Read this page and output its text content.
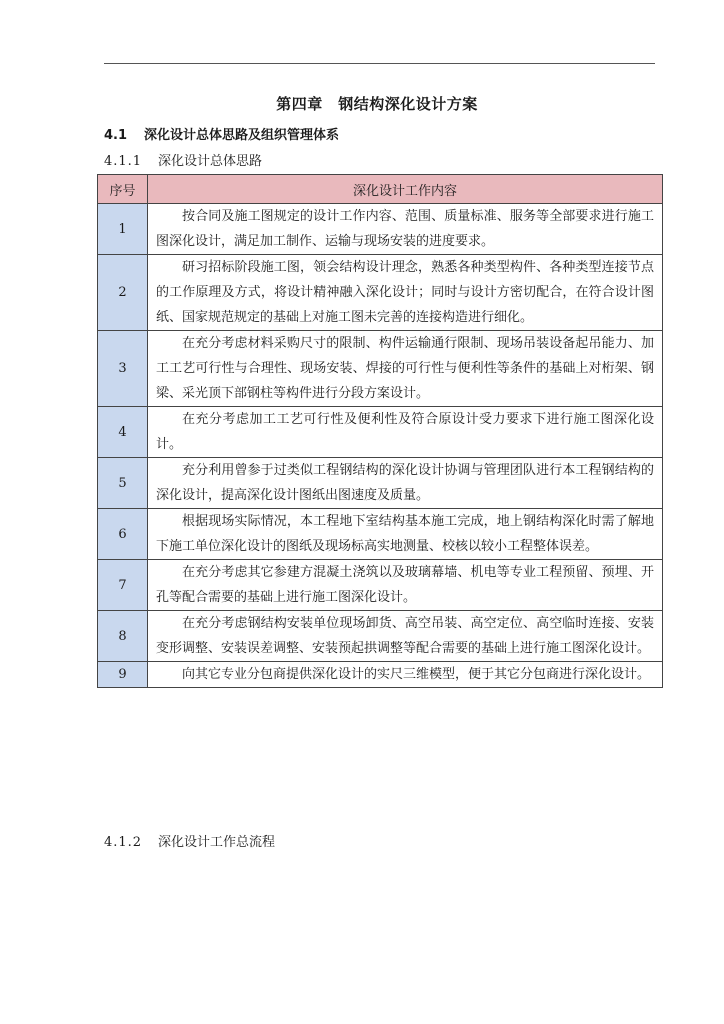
第四章　钢结构深化设计方案
4.1 深化设计总体思路及组织管理体系
4.1.1 深化设计总体思路
序号	深化设计工作内容
1	按合同及施工图规定的设计工作内容、范围、质量标准、服务等全部要求进行施工图深化设计，满足加工制作、运输与现场安装的进度要求。

2	研习招标阶段施工图，领会结构设计理念，熟悉各种类型构件、各种类型连接节点的工作原理及方式，将设计精神融入深化设计；同时与设计方密切配合，在符合设计图纸、国家规范规定的基础上对施工图未完善的连接构造进行细化。

3	在充分考虑材料采购尺寸的限制、构件运输通行限制、现场吊装设备起吊能力、加工工艺可行性与合理性、现场安装、焊接的可行性与便利性等条件的基础上对桁架、钢梁、采光顶下部钢柱等构件进行分段方案设计。

4	在充分考虑加工工艺可行性及便利性及符合原设计受力要求下进行施工图深化设计。

5	充分利用曾参于过类似工程钢结构的深化设计协调与管理团队进行本工程钢结构的深化设计，提高深化设计图纸出图速度及质量。

6	根据现场实际情况，本工程地下室结构基本施工完成，地上钢结构深化时需了解地下施工单位深化设计的图纸及现场标高实地测量、校核以较小工程整体误差。

7	在充分考虑其它参建方混凝土浇筑以及玻璃幕墙、机电等专业工程预留、预埋、开孔等配合需要的基础上进行施工图深化设计。

8	在充分考虑钢结构安装单位现场卸货、高空吊装、高空定位、高空临时连接、安装变形调整、安装误差调整、安装预起拱调整等配合需要的基础上进行施工图深化设计。

9	向其它专业分包商提供深化设计的实尺三维模型，便于其它分包商进行深化设计。
4.1.2 深化设计工作总流程
